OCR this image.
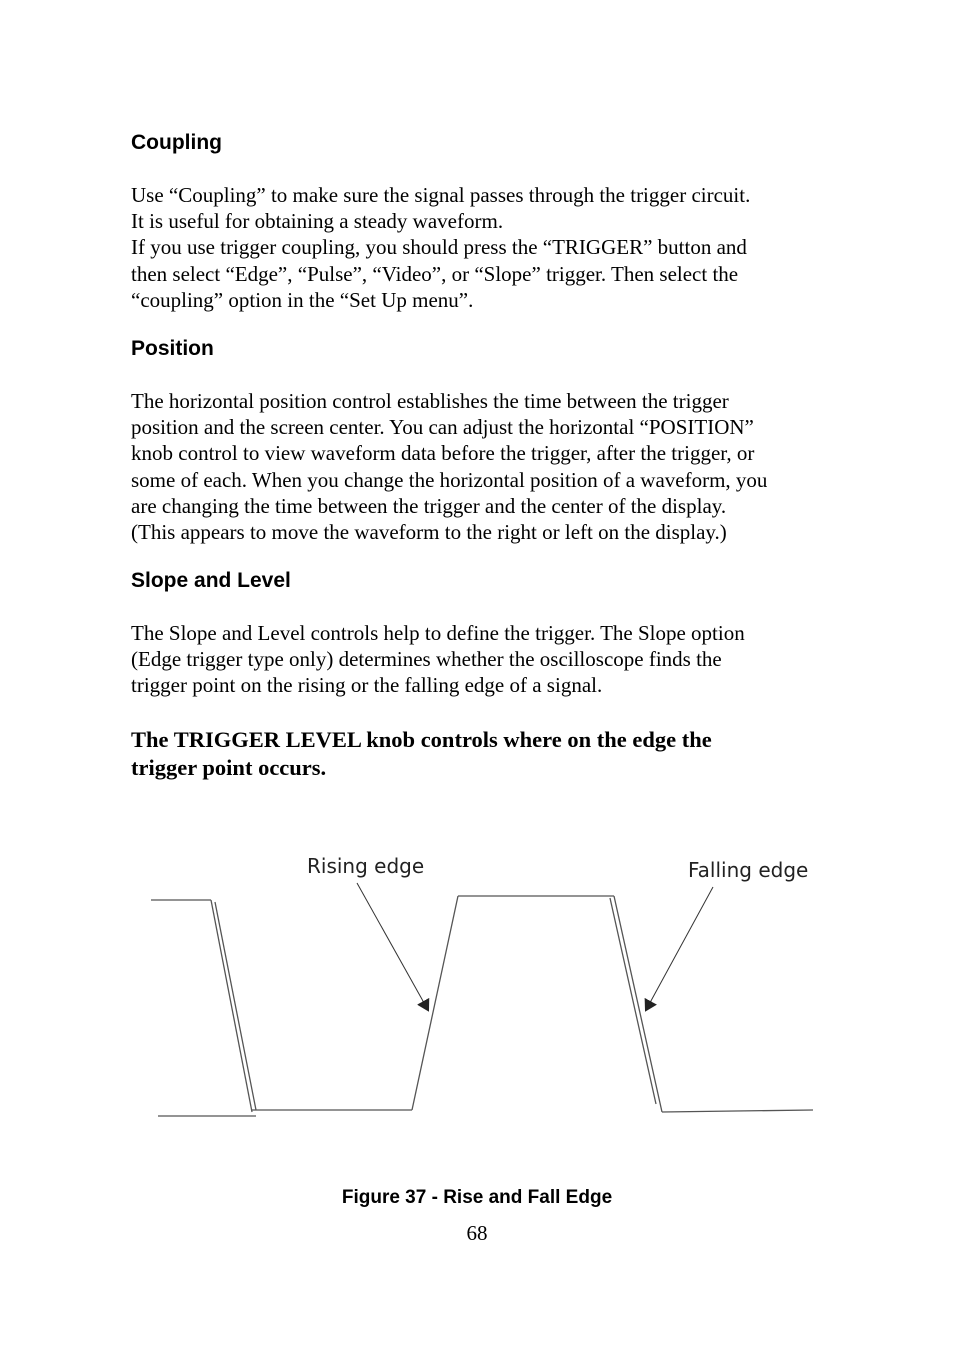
Coupling

Use “Coupling” to make sure the signal passes through the trigger circuit.
It is useful for obtaining a steady waveform.
If you use trigger coupling, you should press the “TRIGGER” button and
then select “Edge”, “Pulse”, “Video”, or “Slope” trigger. Then select the
“coupling” option in the “Set Up menu”.

Position

The horizontal position control establishes the time between the trigger
position and the screen center. You can adjust the horizontal “POSITION”
knob control to view waveform data before the trigger, after the trigger, or
some of each. When you change the horizontal position of a waveform, you
are changing the time between the trigger and the center of the display.
(This appears to move the waveform to the right or left on the display.)

Slope and Level

The Slope and Level controls help to define the trigger. The Slope option
(Edge trigger type only) determines whether the oscilloscope finds the
trigger point on the rising or the falling edge of a signal.

The TRIGGER LEVEL knob controls where on the edge the
trigger point occurs.

Rising edge	Falling edge

Figure 37 - Rise and Fall Edge

68
